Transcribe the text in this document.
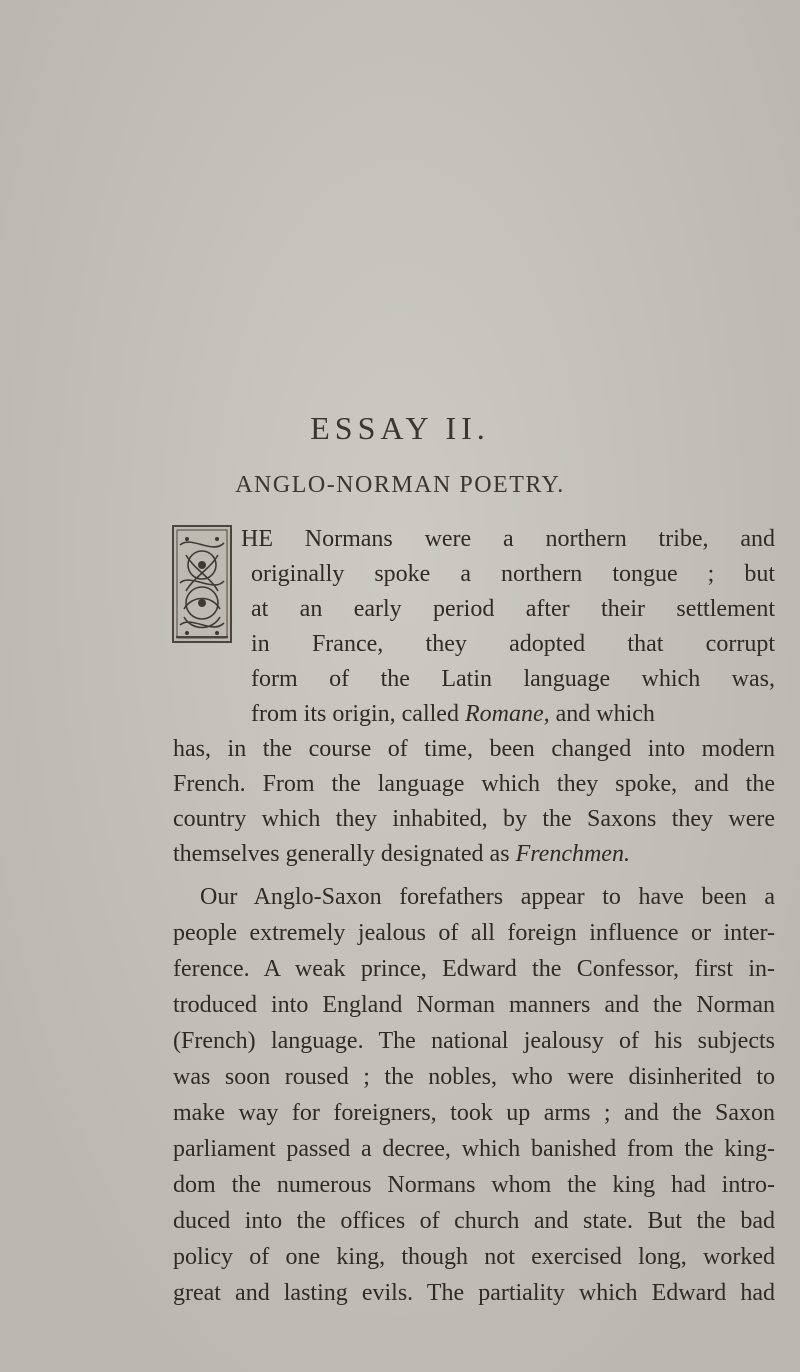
ESSAY II.
ANGLO-NORMAN POETRY.
HE Normans were a northern tribe, and
originally spoke a northern tongue ; but
at an early period after their settlement
in France, they adopted that corrupt
form of the Latin language which was,
from its origin, called Romane, and which
has, in the course of time, been changed into modern
French. From the language which they spoke, and the
country which they inhabited, by the Saxons they were
themselves generally designated as Frenchmen.
Our Anglo-Saxon forefathers appear to have been a
people extremely jealous of all foreign influence or inter-
ference. A weak prince, Edward the Confessor, first in-
troduced into England Norman manners and the Norman
(French) language. The national jealousy of his subjects
was soon roused ; the nobles, who were disinherited to
make way for foreigners, took up arms ; and the Saxon
parliament passed a decree, which banished from the king-
dom the numerous Normans whom the king had intro-
duced into the offices of church and state. But the bad
policy of one king, though not exercised long, worked
great and lasting evils. The partiality which Edward had
